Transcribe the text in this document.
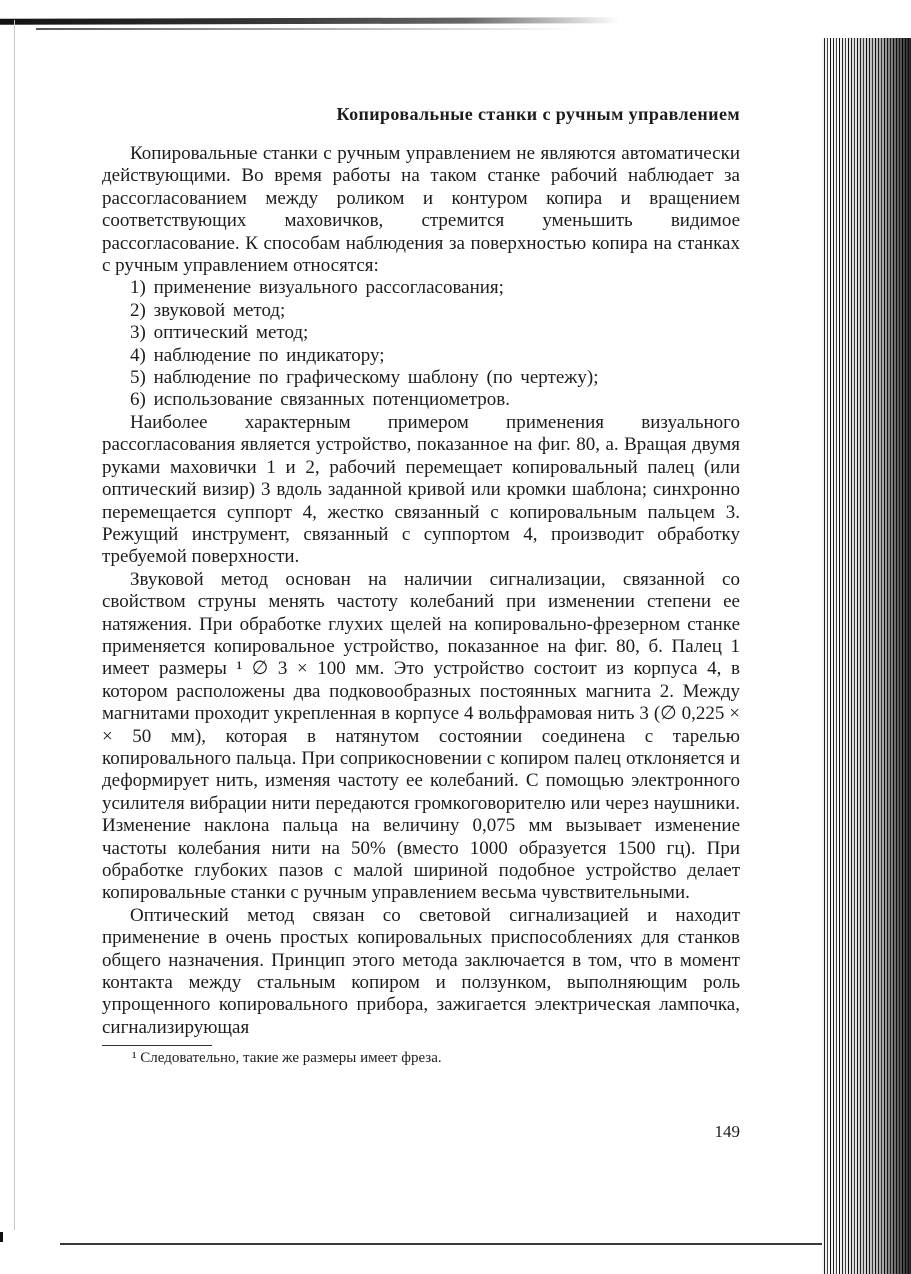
Копировальные станки с ручным управлением

Копировальные станки с ручным управлением не являются автоматически действующими. Во время работы на таком станке рабочий наблюдает за рассогласованием между роликом и контуром копира и вращением соответствующих маховичков, стремится уменьшить видимое рассогласование. К способам наблюдения за поверхностью копира на станках с ручным управлением относятся:

1) применение визуального рассогласования;
2) звуковой метод;
3) оптический метод;
4) наблюдение по индикатору;
5) наблюдение по графическому шаблону (по чертежу);
6) использование связанных потенциометров.

Наиболее характерным примером применения визуального рассогласования является устройство, показанное на фиг. 80, а. Вращая двумя руками маховички 1 и 2, рабочий перемещает копировальный палец (или оптический визир) 3 вдоль заданной кривой или кромки шаблона; синхронно перемещается суппорт 4, жестко связанный с копировальным пальцем 3. Режущий инструмент, связанный с суппортом 4, производит обработку требуемой поверхности.

Звуковой метод основан на наличии сигнализации, связанной со свойством струны менять частоту колебаний при изменении степени ее натяжения. При обработке глухих щелей на копировально-фрезерном станке применяется копировальное устройство, показанное на фиг. 80, б. Палец 1 имеет размеры ¹ ∅ 3 × 100 мм. Это устройство состоит из корпуса 4, в котором расположены два подковообразных постоянных магнита 2. Между магнитами проходит укрепленная в корпусе 4 вольфрамовая нить 3 (∅ 0,225 × × 50 мм), которая в натянутом состоянии соединена с тарелью копировального пальца. При соприкосновении с копиром палец отклоняется и деформирует нить, изменяя частоту ее колебаний. С помощью электронного усилителя вибрации нити передаются громкоговорителю или через наушники. Изменение наклона пальца на величину 0,075 мм вызывает изменение частоты колебания нити на 50% (вместо 1000 образуется 1500 гц). При обработке глубоких пазов с малой шириной подобное устройство делает копировальные станки с ручным управлением весьма чувствительными.

Оптический метод связан со световой сигнализацией и находит применение в очень простых копировальных приспособлениях для станков общего назначения. Принцип этого метода заключается в том, что в момент контакта между стальным копиром и ползунком, выполняющим роль упрощенного копировального прибора, зажигается электрическая лампочка, сигнализирующая

¹ Следовательно, такие же размеры имеет фреза.
149
